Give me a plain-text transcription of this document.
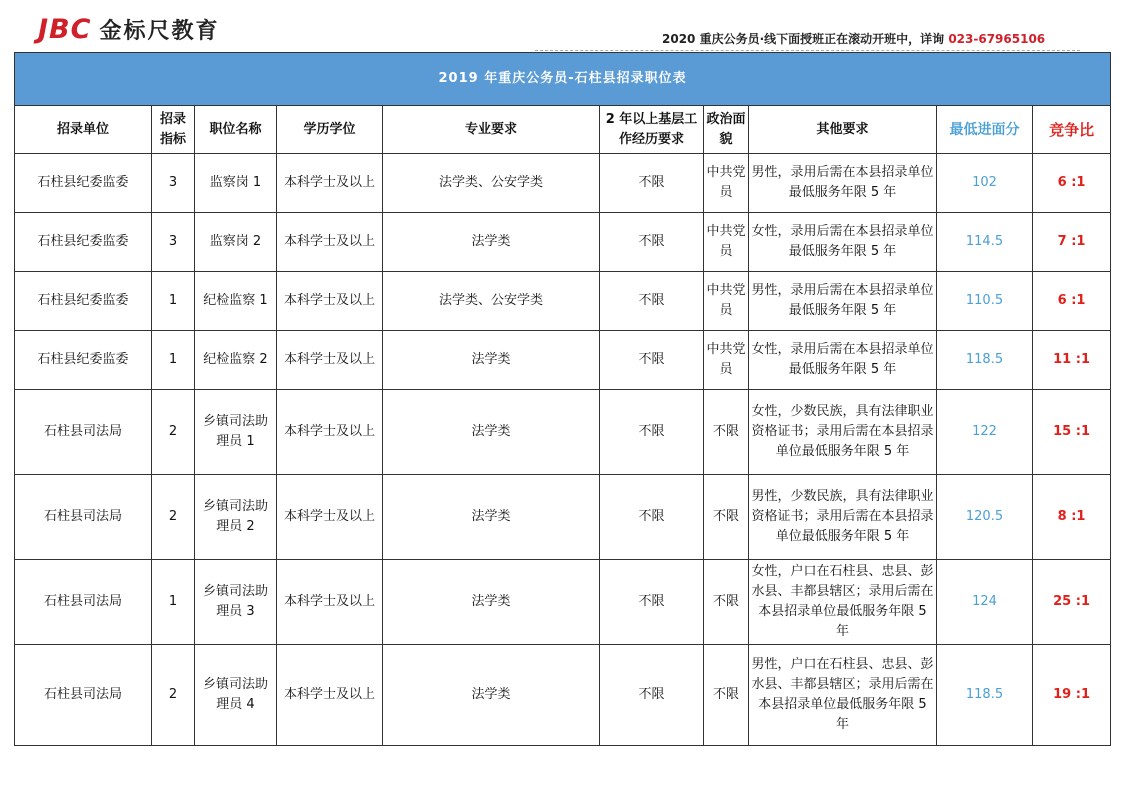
JBC 金标尺教育	2020 重庆公务员·线下面授班正在滚动开班中，详询 023-67965106
2019 年重庆公务员-石柱县招录职位表									
招录单位	招录指标	职位名称	学历学位	专业要求	2 年以上基层工作经历要求	政治面貌	其他要求	最低进面分	竞争比
石柱县纪委监委	3	监察岗 1	本科学士及以上	法学类、公安学类	不限	中共党员	男性，录用后需在本县招录单位最低服务年限 5 年	102	6 :1
石柱县纪委监委	3	监察岗 2	本科学士及以上	法学类	不限	中共党员	女性，录用后需在本县招录单位最低服务年限 5 年	114.5	7 :1
石柱县纪委监委	1	纪检监察 1	本科学士及以上	法学类、公安学类	不限	中共党员	男性，录用后需在本县招录单位最低服务年限 5 年	110.5	6 :1
石柱县纪委监委	1	纪检监察 2	本科学士及以上	法学类	不限	中共党员	女性，录用后需在本县招录单位最低服务年限 5 年	118.5	11 :1
石柱县司法局	2	乡镇司法助理员 1	本科学士及以上	法学类	不限	不限	女性，少数民族，具有法律职业资格证书；录用后需在本县招录单位最低服务年限 5 年	122	15 :1
石柱县司法局	2	乡镇司法助理员 2	本科学士及以上	法学类	不限	不限	男性，少数民族，具有法律职业资格证书；录用后需在本县招录单位最低服务年限 5 年	120.5	8 :1
石柱县司法局	1	乡镇司法助理员 3	本科学士及以上	法学类	不限	不限	女性，户口在石柱县、忠县、彭水县、丰都县辖区；录用后需在本县招录单位最低服务年限 5 年	124	25 :1
石柱县司法局	2	乡镇司法助理员 4	本科学士及以上	法学类	不限	不限	男性，户口在石柱县、忠县、彭水县、丰都县辖区；录用后需在本县招录单位最低服务年限 5 年	118.5	19 :1
